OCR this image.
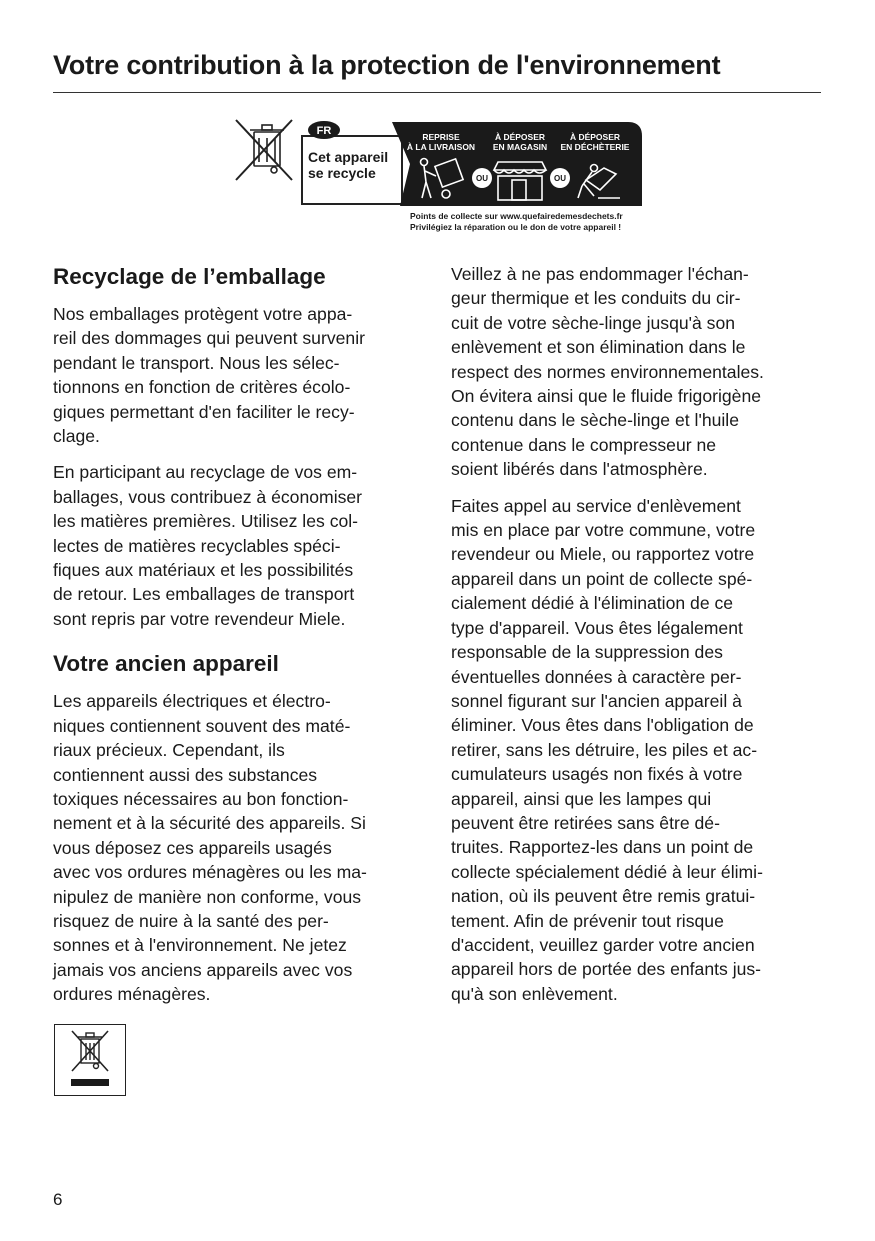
Votre contribution à la protection de l'environnement
FR
Cet appareil
se recycle
REPRISE
À LA LIVRAISON
À DÉPOSER
EN MAGASIN
À DÉPOSER
EN DÉCHÈTERIE
OU	OU
Points de collecte sur www.quefairedemesdechets.fr
Privilégiez la réparation ou le don de votre appareil !
Recyclage de l’emballage

Nos emballages protègent votre appa-
reil des dommages qui peuvent survenir
pendant le transport. Nous les sélec-
tionnons en fonction de critères écolo-
giques permettant d'en faciliter le recy-
clage.

En participant au recyclage de vos em-
ballages, vous contribuez à économiser
les matières premières. Utilisez les col-
lectes de matières recyclables spéci-
fiques aux matériaux et les possibilités
de retour. Les emballages de transport
sont repris par votre revendeur Miele.

Votre ancien appareil

Les appareils électriques et électro-
niques contiennent souvent des maté-
riaux précieux. Cependant, ils
contiennent aussi des substances
toxiques nécessaires au bon fonction-
nement et à la sécurité des appareils. Si
vous déposez ces appareils usagés
avec vos ordures ménagères ou les ma-
nipulez de manière non conforme, vous
risquez de nuire à la santé des per-
sonnes et à l'environnement. Ne jetez
jamais vos anciens appareils avec vos
ordures ménagères.

Veillez à ne pas endommager l'échan-
geur thermique et les conduits du cir-
cuit de votre sèche-linge jusqu'à son
enlèvement et son élimination dans le
respect des normes environnementales.
On évitera ainsi que le fluide frigorigène
contenu dans le sèche-linge et l'huile
contenue dans le compresseur ne
soient libérés dans l'atmosphère.

Faites appel au service d'enlèvement
mis en place par votre commune, votre
revendeur ou Miele, ou rapportez votre
appareil dans un point de collecte spé-
cialement dédié à l'élimination de ce
type d'appareil. Vous êtes légalement
responsable de la suppression des
éventuelles données à caractère per-
sonnel figurant sur l'ancien appareil à
éliminer. Vous êtes dans l'obligation de
retirer, sans les détruire, les piles et ac-
cumulateurs usagés non fixés à votre
appareil, ainsi que les lampes qui
peuvent être retirées sans être dé-
truites. Rapportez-les dans un point de
collecte spécialement dédié à leur élimi-
nation, où ils peuvent être remis gratui-
tement. Afin de prévenir tout risque
d'accident, veuillez garder votre ancien
appareil hors de portée des enfants jus-
qu'à son enlèvement.

6
